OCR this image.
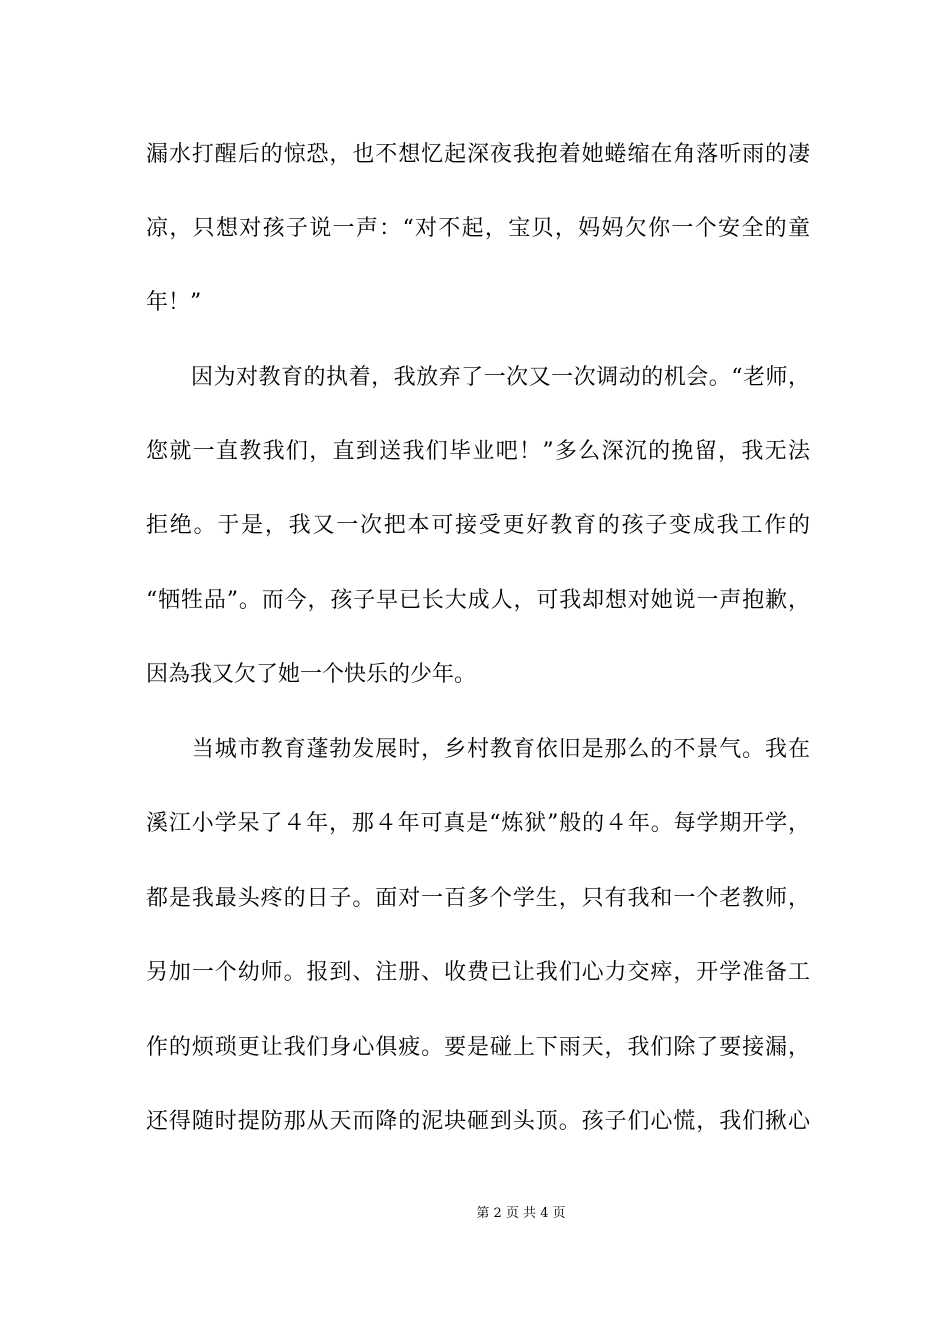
漏水打醒后的惊恐，也不想忆起深夜我抱着她蜷缩在角落听雨的凄
凉，只想对孩子说一声：“对不起，宝贝，妈妈欠你一个安全的童
年！”
　　因为对教育的执着，我放弃了一次又一次调动的机会。“老师，
您就一直教我们，直到送我们毕业吧！”多么深沉的挽留，我无法
拒绝。于是，我又一次把本可接受更好教育的孩子变成我工作的
“牺牲品”。而今，孩子早已长大成人，可我却想对她说一声抱歉，
因為我又欠了她一个快乐的少年。
　　当城市教育蓬勃发展时，乡村教育依旧是那么的不景气。我在
溪江小学呆了４年，那４年可真是“炼狱”般的４年。每学期开学，
都是我最头疼的日子。面对一百多个学生，只有我和一个老教师，
另加一个幼师。报到、注册、收费已让我们心力交瘁，开学准备工
作的烦琐更让我们身心俱疲。要是碰上下雨天，我们除了要接漏，
还得随时提防那从天而降的泥块砸到头顶。孩子们心慌，我们揪心
第 2 页 共 4 页
